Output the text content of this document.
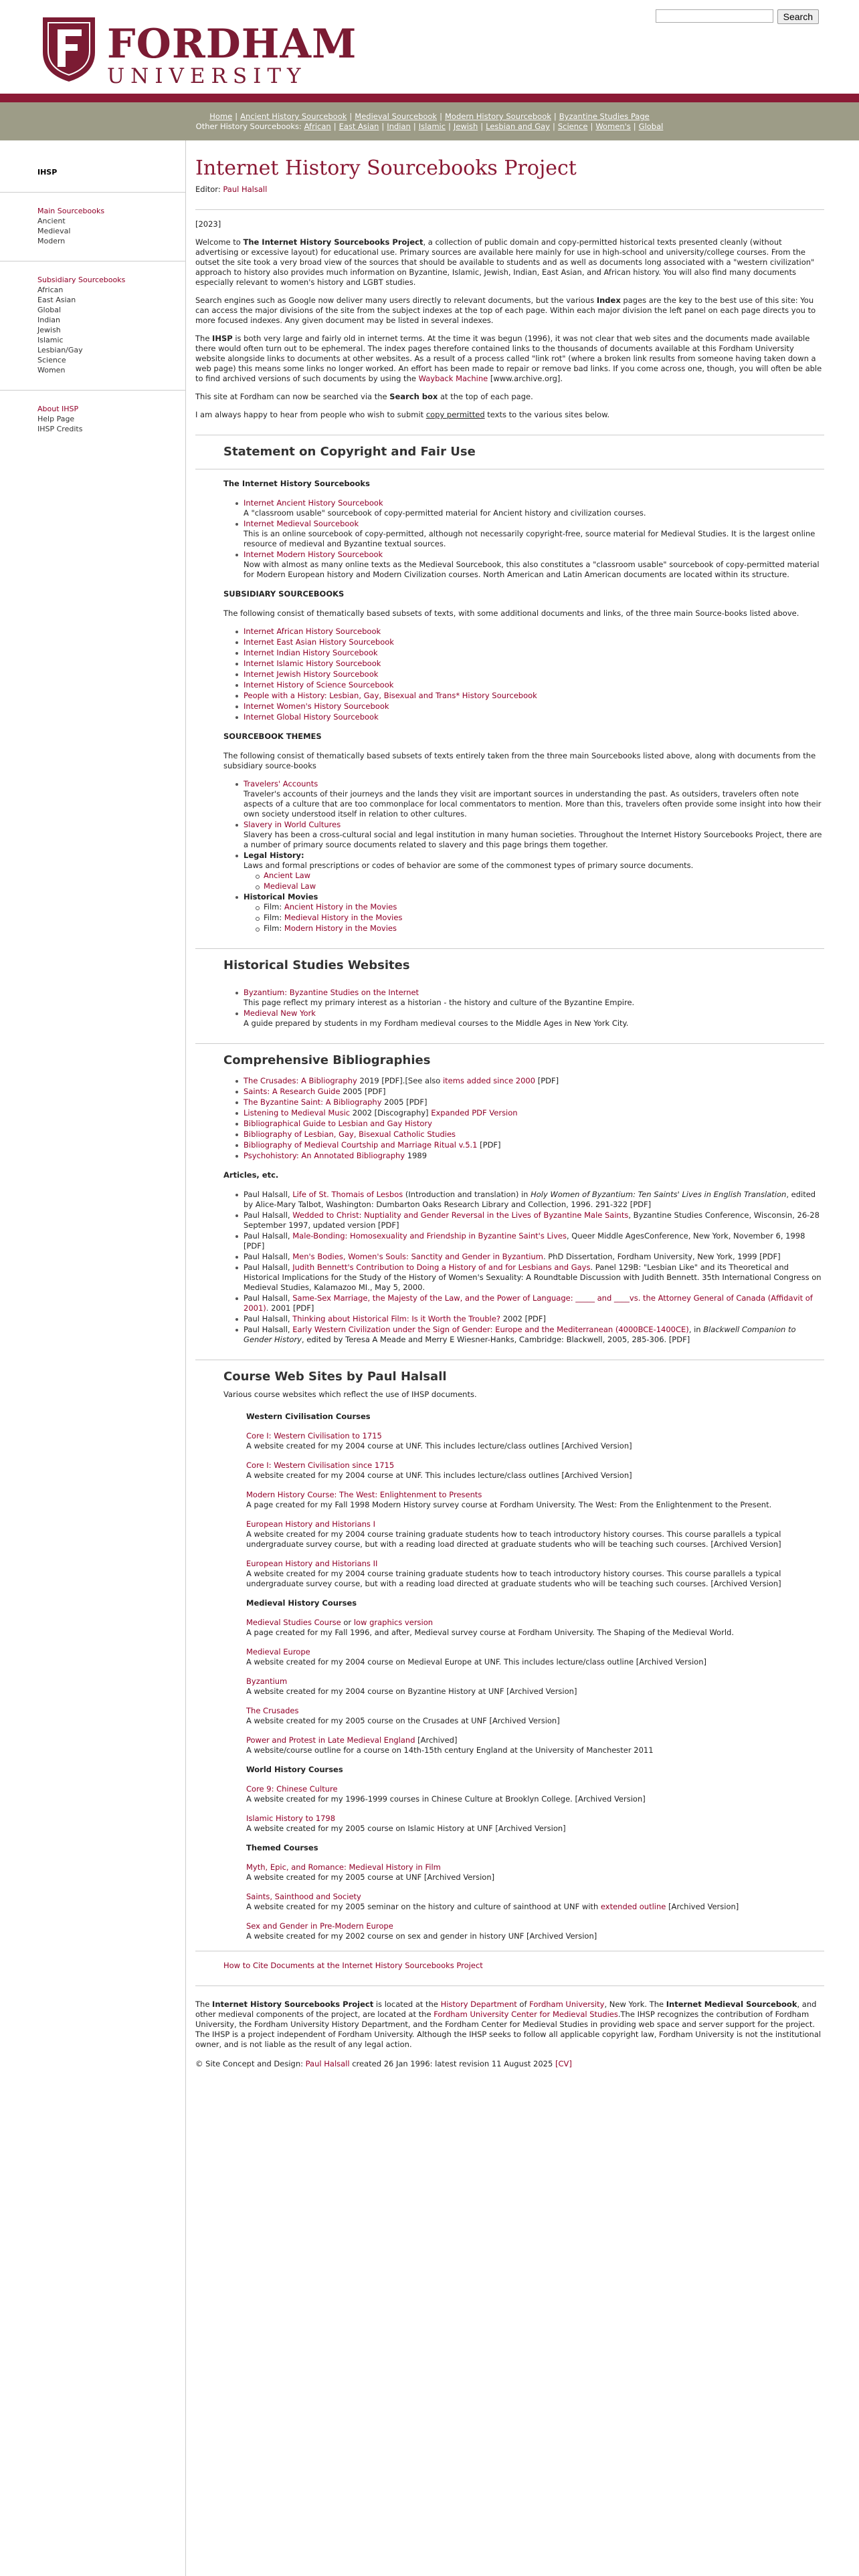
FORDHAM
UNIVERSITY
Search
Home | Ancient History Sourcebook | Medieval Sourcebook | Modern History Sourcebook | Byzantine Studies Page
Other History Sourcebooks: African | East Asian | Indian | Islamic | Jewish | Lesbian and Gay | Science | Women's | Global
IHSP
Main Sourcebooks
Ancient
Medieval
Modern
Subsidiary Sourcebooks
African
East Asian
Global
Indian
Jewish
Islamic
Lesbian/Gay
Science
Women
About IHSP
Help Page
IHSP Credits
Internet History Sourcebooks Project
Editor: Paul Halsall
[2023]
Welcome to The Internet History Sourcebooks Project, a collection of public domain and copy-permitted historical texts presented cleanly (without advertising or excessive layout) for educational use. Primary sources are available here mainly for use in high-school and university/college courses. From the outset the site took a very broad view of the sources that should be available to students and as well as documents long associated with a "western civilization" approach to history also provides much information on Byzantine, Islamic, Jewish, Indian, East Asian, and African history. You will also find many documents especially relevant to women's history and LGBT studies.
Search engines such as Google now deliver many users directly to relevant documents, but the various Index pages are the key to the best use of this site: You can access the major divisions of the site from the subject indexes at the top of each page. Within each major division the left panel on each page directs you to more focused indexes. Any given document may be listed in several indexes.
The IHSP is both very large and fairly old in internet terms. At the time it was begun (1996), it was not clear that web sites and the documents made available there would often turn out to be ephemeral. The index pages therefore contained links to the thousands of documents available at this Fordham University website alongside links to documents at other websites. As a result of a process called "link rot" (where a broken link results from someone having taken down a web page) this means some links no longer worked. An effort has been made to repair or remove bad links. If you come across one, though, you will often be able to find archived versions of such documents by using the Wayback Machine [www.archive.org].
This site at Fordham can now be searched via the Search box at the top of each page.
I am always happy to hear from people who wish to submit copy permitted texts to the various sites below.
Statement on Copyright and Fair Use
The Internet History Sourcebooks
Internet Ancient History Sourcebook
A "classroom usable" sourcebook of copy-permitted material for Ancient history and civilization courses.
Internet Medieval Sourcebook
This is an online sourcebook of copy-permitted, although not necessarily copyright-free, source material for Medieval Studies. It is the largest online resource of medieval and Byzantine textual sources.
Internet Modern History Sourcebook
Now with almost as many online texts as the Medieval Sourcebook, this also constitutes a "classroom usable" sourcebook of copy-permitted material for Modern European history and Modern Civilization courses. North American and Latin American documents are located within its structure.
SUBSIDIARY SOURCEBOOKS
The following consist of thematically based subsets of texts, with some additional documents and links, of the three main Source-books listed above.
Internet African History Sourcebook
Internet East Asian History Sourcebook
Internet Indian History Sourcebook
Internet Islamic History Sourcebook
Internet Jewish History Sourcebook
Internet History of Science Sourcebook
People with a History: Lesbian, Gay, Bisexual and Trans* History Sourcebook
Internet Women's History Sourcebook
Internet Global History Sourcebook
SOURCEBOOK THEMES
The following consist of thematically based subsets of texts entirely taken from the three main Sourcebooks listed above, along with documents from the subsidiary source-books
Travelers' Accounts
Traveler's accounts of their journeys and the lands they visit are important sources in understanding the past. As outsiders, travelers often note aspects of a culture that are too commonplace for local commentators to mention. More than this, travelers often provide some insight into how their own society understood itself in relation to other cultures.
Slavery in World Cultures
Slavery has been a cross-cultural social and legal institution in many human societies. Throughout the Internet History Sourcebooks Project, there are a number of primary source documents related to slavery and this page brings them together.
Legal History:
Laws and formal prescriptions or codes of behavior are some of the commonest types of primary source documents.
Ancient Law
Medieval Law
Historical Movies
Film: Ancient History in the Movies
Film: Medieval History in the Movies
Film: Modern History in the Movies
Historical Studies Websites
Byzantium: Byzantine Studies on the Internet
This page reflect my primary interest as a historian - the history and culture of the Byzantine Empire.
Medieval New York
A guide prepared by students in my Fordham medieval courses to the Middle Ages in New York City.
Comprehensive Bibliographies
The Crusades: A Bibliography 2019 [PDF].[See also items added since 2000 [PDF]
Saints: A Research Guide 2005 [PDF]
The Byzantine Saint: A Bibliography 2005 [PDF]
Listening to Medieval Music 2002 [Discography] Expanded PDF Version
Bibliographical Guide to Lesbian and Gay History
Bibliography of Lesbian, Gay, Bisexual Catholic Studies
Bibliography of Medieval Courtship and Marriage Ritual v.5.1 [PDF]
Psychohistory: An Annotated Bibliography 1989
Articles, etc.
Paul Halsall, Life of St. Thomais of Lesbos (Introduction and translation) in Holy Women of Byzantium: Ten Saints' Lives in English Translation, edited by Alice-Mary Talbot, Washington: Dumbarton Oaks Research Library and Collection, 1996. 291-322 [PDF]
Paul Halsall, Wedded to Christ: Nuptiality and Gender Reversal in the Lives of Byzantine Male Saints, Byzantine Studies Conference, Wisconsin, 26-28 September 1997, updated version [PDF]
Paul Halsall, Male-Bonding: Homosexuality and Friendship in Byzantine Saint's Lives, Queer Middle AgesConference, New York, November 6, 1998 [PDF]
Paul Halsall, Men's Bodies, Women's Souls: Sanctity and Gender in Byzantium. PhD Dissertation, Fordham University, New York, 1999 [PDF]
Paul Halsall, Judith Bennett's Contribution to Doing a History of and for Lesbians and Gays. Panel 129B: "Lesbian Like" and its Theoretical and Historical Implications for the Study of the History of Women's Sexuality: A Roundtable Discussion with Judith Bennett. 35th International Congress on Medieval Studies, Kalamazoo MI., May 5, 2000.
Paul Halsall, Same-Sex Marriage, the Majesty of the Law, and the Power of Language: _____ and ____vs. the Attorney General of Canada (Affidavit of 2001). 2001 [PDF]
Paul Halsall, Thinking about Historical Film: Is it Worth the Trouble? 2002 [PDF]
Paul Halsall, Early Western Civilization under the Sign of Gender: Europe and the Mediterranean (4000BCE-1400CE), in Blackwell Companion to Gender History, edited by Teresa A Meade and Merry E Wiesner-Hanks, Cambridge: Blackwell, 2005, 285-306. [PDF]
Course Web Sites by Paul Halsall
Various course websites which reflect the use of IHSP documents.
Western Civilisation Courses
Core I: Western Civilisation to 1715
A website created for my 2004 course at UNF. This includes lecture/class outlines [Archived Version]
Core I: Western Civilisation since 1715
A website created for my 2004 course at UNF. This includes lecture/class outlines [Archived Version]
Modern History Course: The West: Enlightenment to Presents
A page created for my Fall 1998 Modern History survey course at Fordham University. The West: From the Enlightenment to the Present.
European History and Historians I
A website created for my 2004 course training graduate students how to teach introductory history courses. This course parallels a typical undergraduate survey course, but with a reading load directed at graduate students who will be teaching such courses. [Archived Version]
European History and Historians II
A website created for my 2004 course training graduate students how to teach introductory history courses. This course parallels a typical undergraduate survey course, but with a reading load directed at graduate students who will be teaching such courses. [Archived Version]
Medieval History Courses
Medieval Studies Course or low graphics version
A page created for my Fall 1996, and after, Medieval survey course at Fordham University. The Shaping of the Medieval World.
Medieval Europe
A website created for my 2004 course on Medieval Europe at UNF. This includes lecture/class outline [Archived Version]
Byzantium
A website created for my 2004 course on Byzantine History at UNF [Archived Version]
The Crusades
A website created for my 2005 course on the Crusades at UNF [Archived Version]
Power and Protest in Late Medieval England [Archived]
A website/course outline for a course on 14th-15th century England at the University of Manchester 2011
World History Courses
Core 9: Chinese Culture
A website created for my 1996-1999 courses in Chinese Culture at Brooklyn College. [Archived Version]
Islamic History to 1798
A website created for my 2005 course on Islamic History at UNF [Archived Version]
Themed Courses
Myth, Epic, and Romance: Medieval History in Film
A website created for my 2005 course at UNF [Archived Version]
Saints, Sainthood and Society
A website created for my 2005 seminar on the history and culture of sainthood at UNF with extended outline [Archived Version]
Sex and Gender in Pre-Modern Europe
A website created for my 2002 course on sex and gender in history UNF [Archived Version]
How to Cite Documents at the Internet History Sourcebooks Project
The Internet History Sourcebooks Project is located at the History Department of Fordham University, New York. The Internet Medieval Sourcebook, and other medieval components of the project, are located at the Fordham University Center for Medieval Studies.The IHSP recognizes the contribution of Fordham University, the Fordham University History Department, and the Fordham Center for Medieval Studies in providing web space and server support for the project. The IHSP is a project independent of Fordham University. Although the IHSP seeks to follow all applicable copyright law, Fordham University is not the institutional owner, and is not liable as the result of any legal action.
© Site Concept and Design: Paul Halsall created 26 Jan 1996: latest revision 11 August 2025 [CV]
